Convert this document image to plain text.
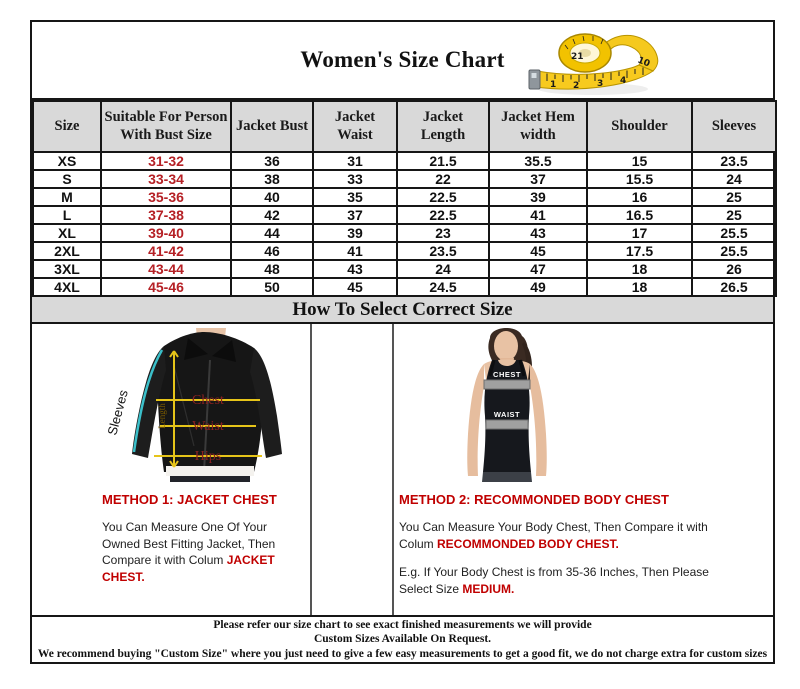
Women's Size Chart
1 2 3 4
10
21
Size	Suitable For Person With Bust Size	Jacket Bust	Jacket Waist	Jacket Length	Jacket Hem width	Shoulder	Sleeves
XS	31-32	36	31	21.5	35.5	15	23.5
S	33-34	38	33	22	37	15.5	24
M	35-36	40	35	22.5	39	16	25
L	37-38	42	37	22.5	41	16.5	25
XL	39-40	44	39	23	43	17	25.5
2XL	41-42	46	41	23.5	45	17.5	25.5
3XL	43-44	48	43	24	47	18	26
4XL	45-46	50	45	24.5	49	18	26.5
How To Select Correct Size
Chest
Waist
Hips
Length
Sleeves

METHOD 1: JACKET CHEST

You Can Measure One Of Your Owned Best Fitting Jacket, Then Compare it with Colum JACKET CHEST.

CHEST
WAIST

METHOD 2: RECOMMONDED BODY CHEST

You Can Measure Your Body Chest, Then Compare it with Colum RECOMMONDED BODY CHEST.

E.g. If Your Body Chest is from 35-36 Inches, Then Please Select Size MEDIUM.

Please refer our size chart to see exact finished measurements we will provide
Custom Sizes Available On Request.
We recommend buying "Custom Size" where you just need to give a few easy measurements to get a good fit, we do not charge extra for custom sizes
